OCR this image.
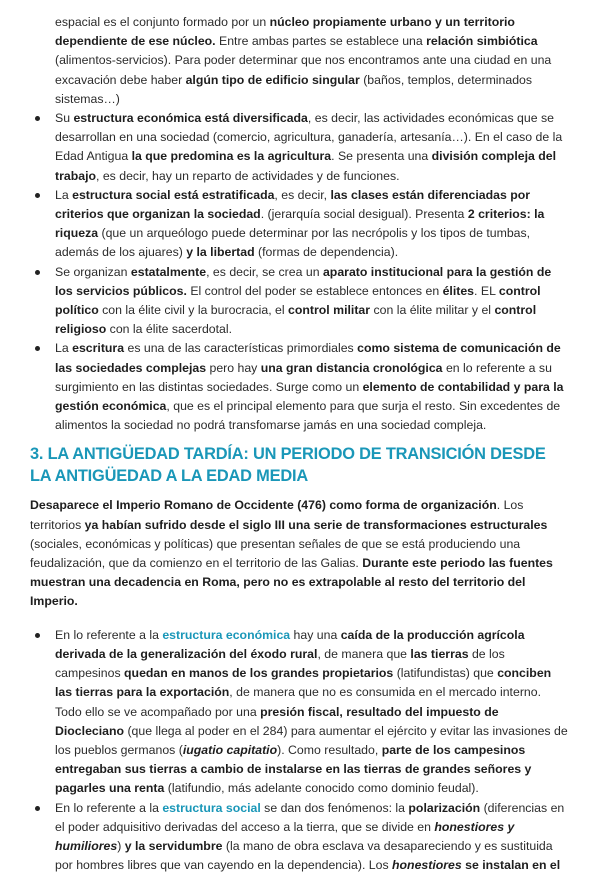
espacial es el conjunto formado por un núcleo propiamente urbano y un territorio dependiente de ese núcleo. Entre ambas partes se establece una relación simbiótica (alimentos-servicios). Para poder determinar que nos encontramos ante una ciudad en una excavación debe haber algún tipo de edificio singular (baños, templos, determinados sistemas…)
Su estructura económica está diversificada, es decir, las actividades económicas que se desarrollan en una sociedad (comercio, agricultura, ganadería, artesanía…). En el caso de la Edad Antigua la que predomina es la agricultura. Se presenta una división compleja del trabajo, es decir, hay un reparto de actividades y de funciones.
La estructura social está estratificada, es decir, las clases están diferenciadas por criterios que organizan la sociedad. (jerarquía social desigual). Presenta 2 criterios: la riqueza (que un arqueólogo puede determinar por las necrópolis y los tipos de tumbas, además de los ajuares) y la libertad (formas de dependencia).
Se organizan estatalmente, es decir, se crea un aparato institucional para la gestión de los servicios públicos. El control del poder se establece entonces en élites. EL control político con la élite civil y la burocracia, el control militar con la élite militar y el control religioso con la élite sacerdotal.
La escritura es una de las características primordiales como sistema de comunicación de las sociedades complejas pero hay una gran distancia cronológica en lo referente a su surgimiento en las distintas sociedades. Surge como un elemento de contabilidad y para la gestión económica, que es el principal elemento para que surja el resto. Sin excedentes de alimentos la sociedad no podrá transfomarse jamás en una sociedad compleja.
3. LA ANTIGÜEDAD TARDÍA: UN PERIODO DE TRANSICIÓN DESDE LA ANTIGÜEDAD A LA EDAD MEDIA

Desaparece el Imperio Romano de Occidente (476) como forma de organización. Los territorios ya habían sufrido desde el siglo III una serie de transformaciones estructurales (sociales, económicas y políticas) que presentan señales de que se está produciendo una feudalización, que da comienzo en el territorio de las Galias. Durante este periodo las fuentes muestran una decadencia en Roma, pero no es extrapolable al resto del territorio del Imperio.

En lo referente a la estructura económica hay una caída de la producción agrícola derivada de la generalización del éxodo rural, de manera que las tierras de los campesinos quedan en manos de los grandes propietarios (latifundistas) que conciben las tierras para la exportación, de manera que no es consumida en el mercado interno. Todo ello se ve acompañado por una presión fiscal, resultado del impuesto de Diocleciano (que llega al poder en el 284) para aumentar el ejército y evitar las invasiones de los pueblos germanos (iugatio capitatio). Como resultado, parte de los campesinos entregaban sus tierras a cambio de instalarse en las tierras de grandes señores y pagarles una renta (latifundio, más adelante conocido como dominio feudal).
En lo referente a la estructura social se dan dos fenómenos: la polarización (diferencias en el poder adquisitivo derivadas del acceso a la tierra, que se divide en honestiores y humiliores) y la servidumbre (la mano de obra esclava va desapareciendo y es sustituida por hombres libres que van cayendo en la dependencia). Los honestiores se instalan en el
